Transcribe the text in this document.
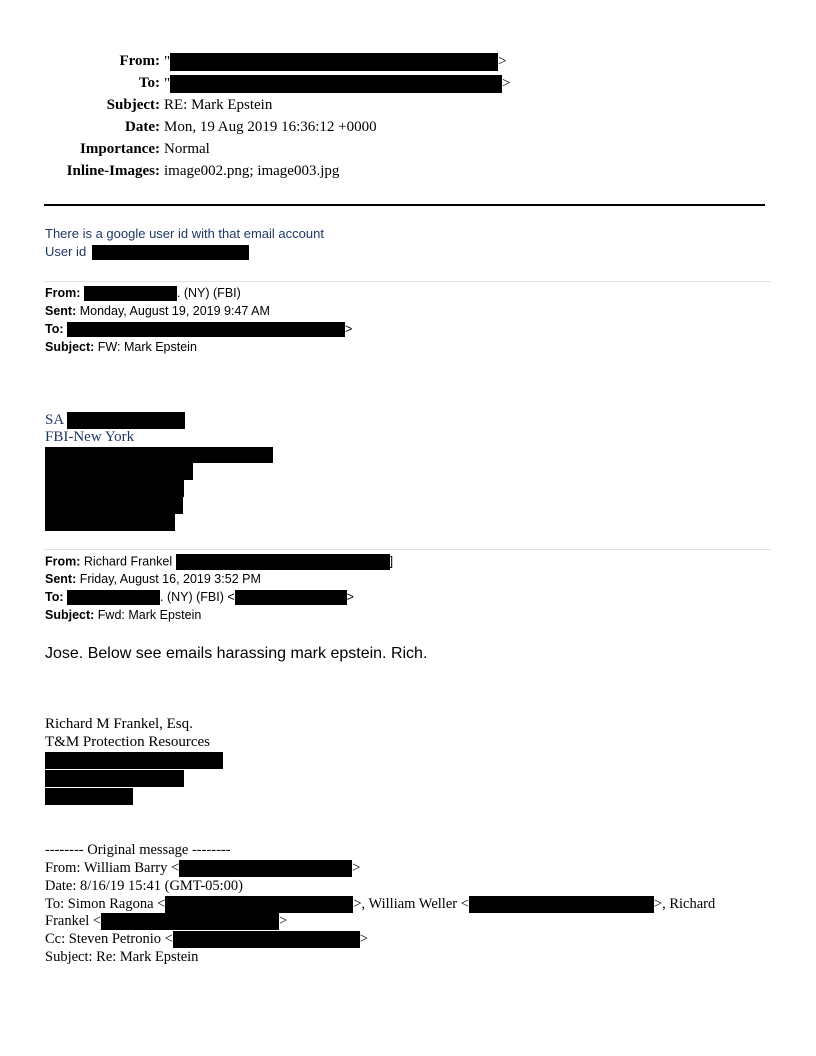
From: "	>
To: "	>
Subject: RE: Mark Epstein
Date: Mon, 19 Aug 2019 16:36:12 +0000
Importance: Normal
Inline-Images: image002.png; image003.jpg
There is a google user id with that email account
User id
From:	. (NY) (FBI)
Sent: Monday, August 19, 2019 9:47 AM
To:	>
Subject: FW: Mark Epstein
SA
FBI-New York
From: Richard Frankel	]
Sent: Friday, August 16, 2019 3:52 PM
To:	. (NY) (FBI) <	>
Subject: Fwd: Mark Epstein
Jose. Below see emails harassing mark epstein. Rich.
Richard M Frankel, Esq.
T&M Protection Resources
-------- Original message --------
From: William Barry <	>
Date: 8/16/19 15:41 (GMT-05:00)
To: Simon Ragona <	>, William Weller <	>, Richard
Frankel <	>
Cc: Steven Petronio <	>
Subject: Re: Mark Epstein
